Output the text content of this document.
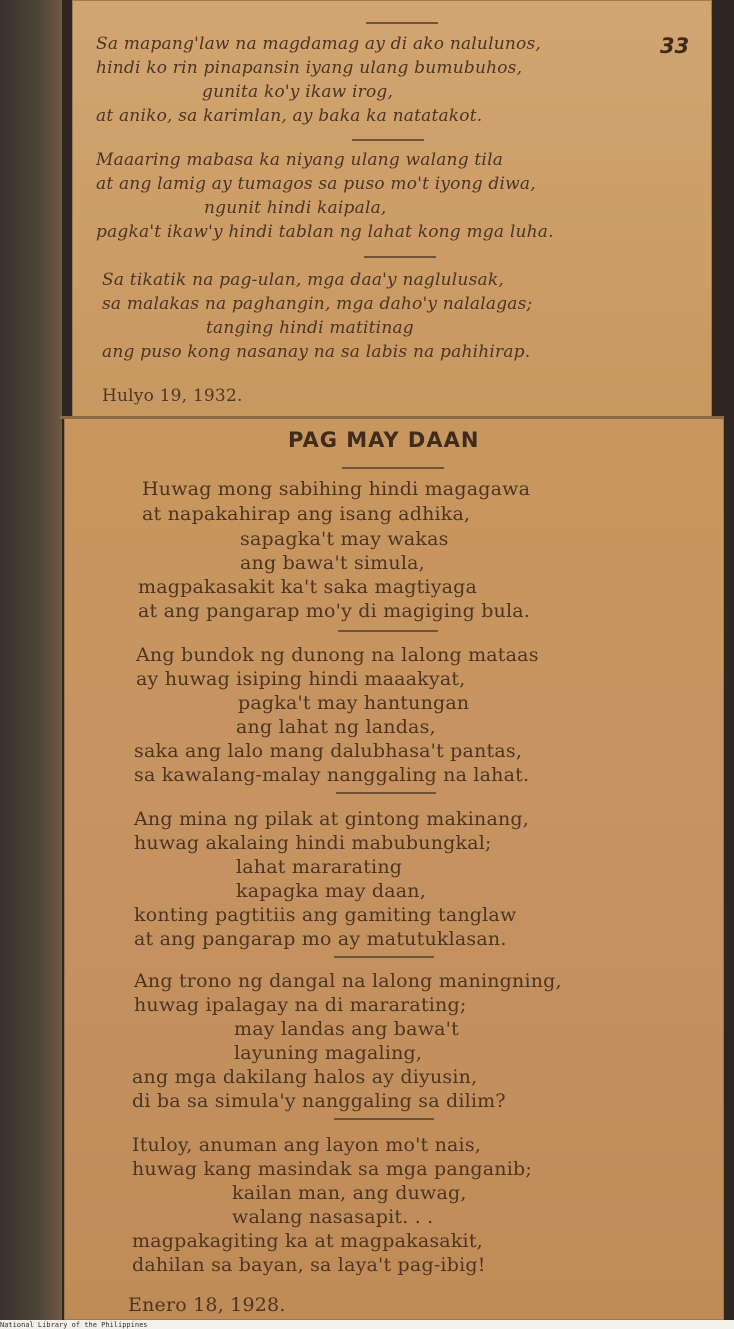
33
Sa mapang'law na magdamag ay di ako nalulunos,
hindi ko rin pinapansin iyang ulang bumubuhos,
gunita ko'y ikaw irog,
at aniko, sa karimlan, ay baka ka natatakot.
Maaaring mabasa ka niyang ulang walang tila
at ang lamig ay tumagos sa puso mo't iyong diwa,
ngunit hindi kaipala,
pagka't ikaw'y hindi tablan ng lahat kong mga luha.
Sa tikatik na pag-ulan, mga daa'y naglulusak,
sa malakas na paghangin, mga daho'y nalalagas;
tanging hindi matitinag
ang puso kong nasanay na sa labis na pahihirap.
Hulyo 19, 1932.
PAG MAY DAAN
Huwag mong sabihing hindi magagawa
at napakahirap ang isang adhika,
sapagka't may wakas
ang bawa't simula,
magpakasakit ka't saka magtiyaga
at ang pangarap mo'y di magiging bula.
Ang bundok ng dunong na lalong mataas
ay huwag isiping hindi maaakyat,
pagka't may hantungan
ang lahat ng landas,
saka ang lalo mang dalubhasa't pantas,
sa kawalang-malay nanggaling na lahat.
Ang mina ng pilak at gintong makinang,
huwag akalaing hindi mabubungkal;
lahat mararating
kapagka may daan,
konting pagtitiis ang gamiting tanglaw
at ang pangarap mo ay matutuklasan.
Ang trono ng dangal na lalong maningning,
huwag ipalagay na di mararating;
may landas ang bawa't
layuning magaling,
ang mga dakilang halos ay diyusin,
di ba sa simula'y nanggaling sa dilim?
Ituloy, anuman ang layon mo't nais,
huwag kang masindak sa mga panganib;
kailan man, ang duwag,
walang nasasapit. . .
magpakagiting ka at magpakasakit,
dahilan sa bayan, sa laya't pag-ibig!
Enero 18, 1928.
National Library of the Philippines
